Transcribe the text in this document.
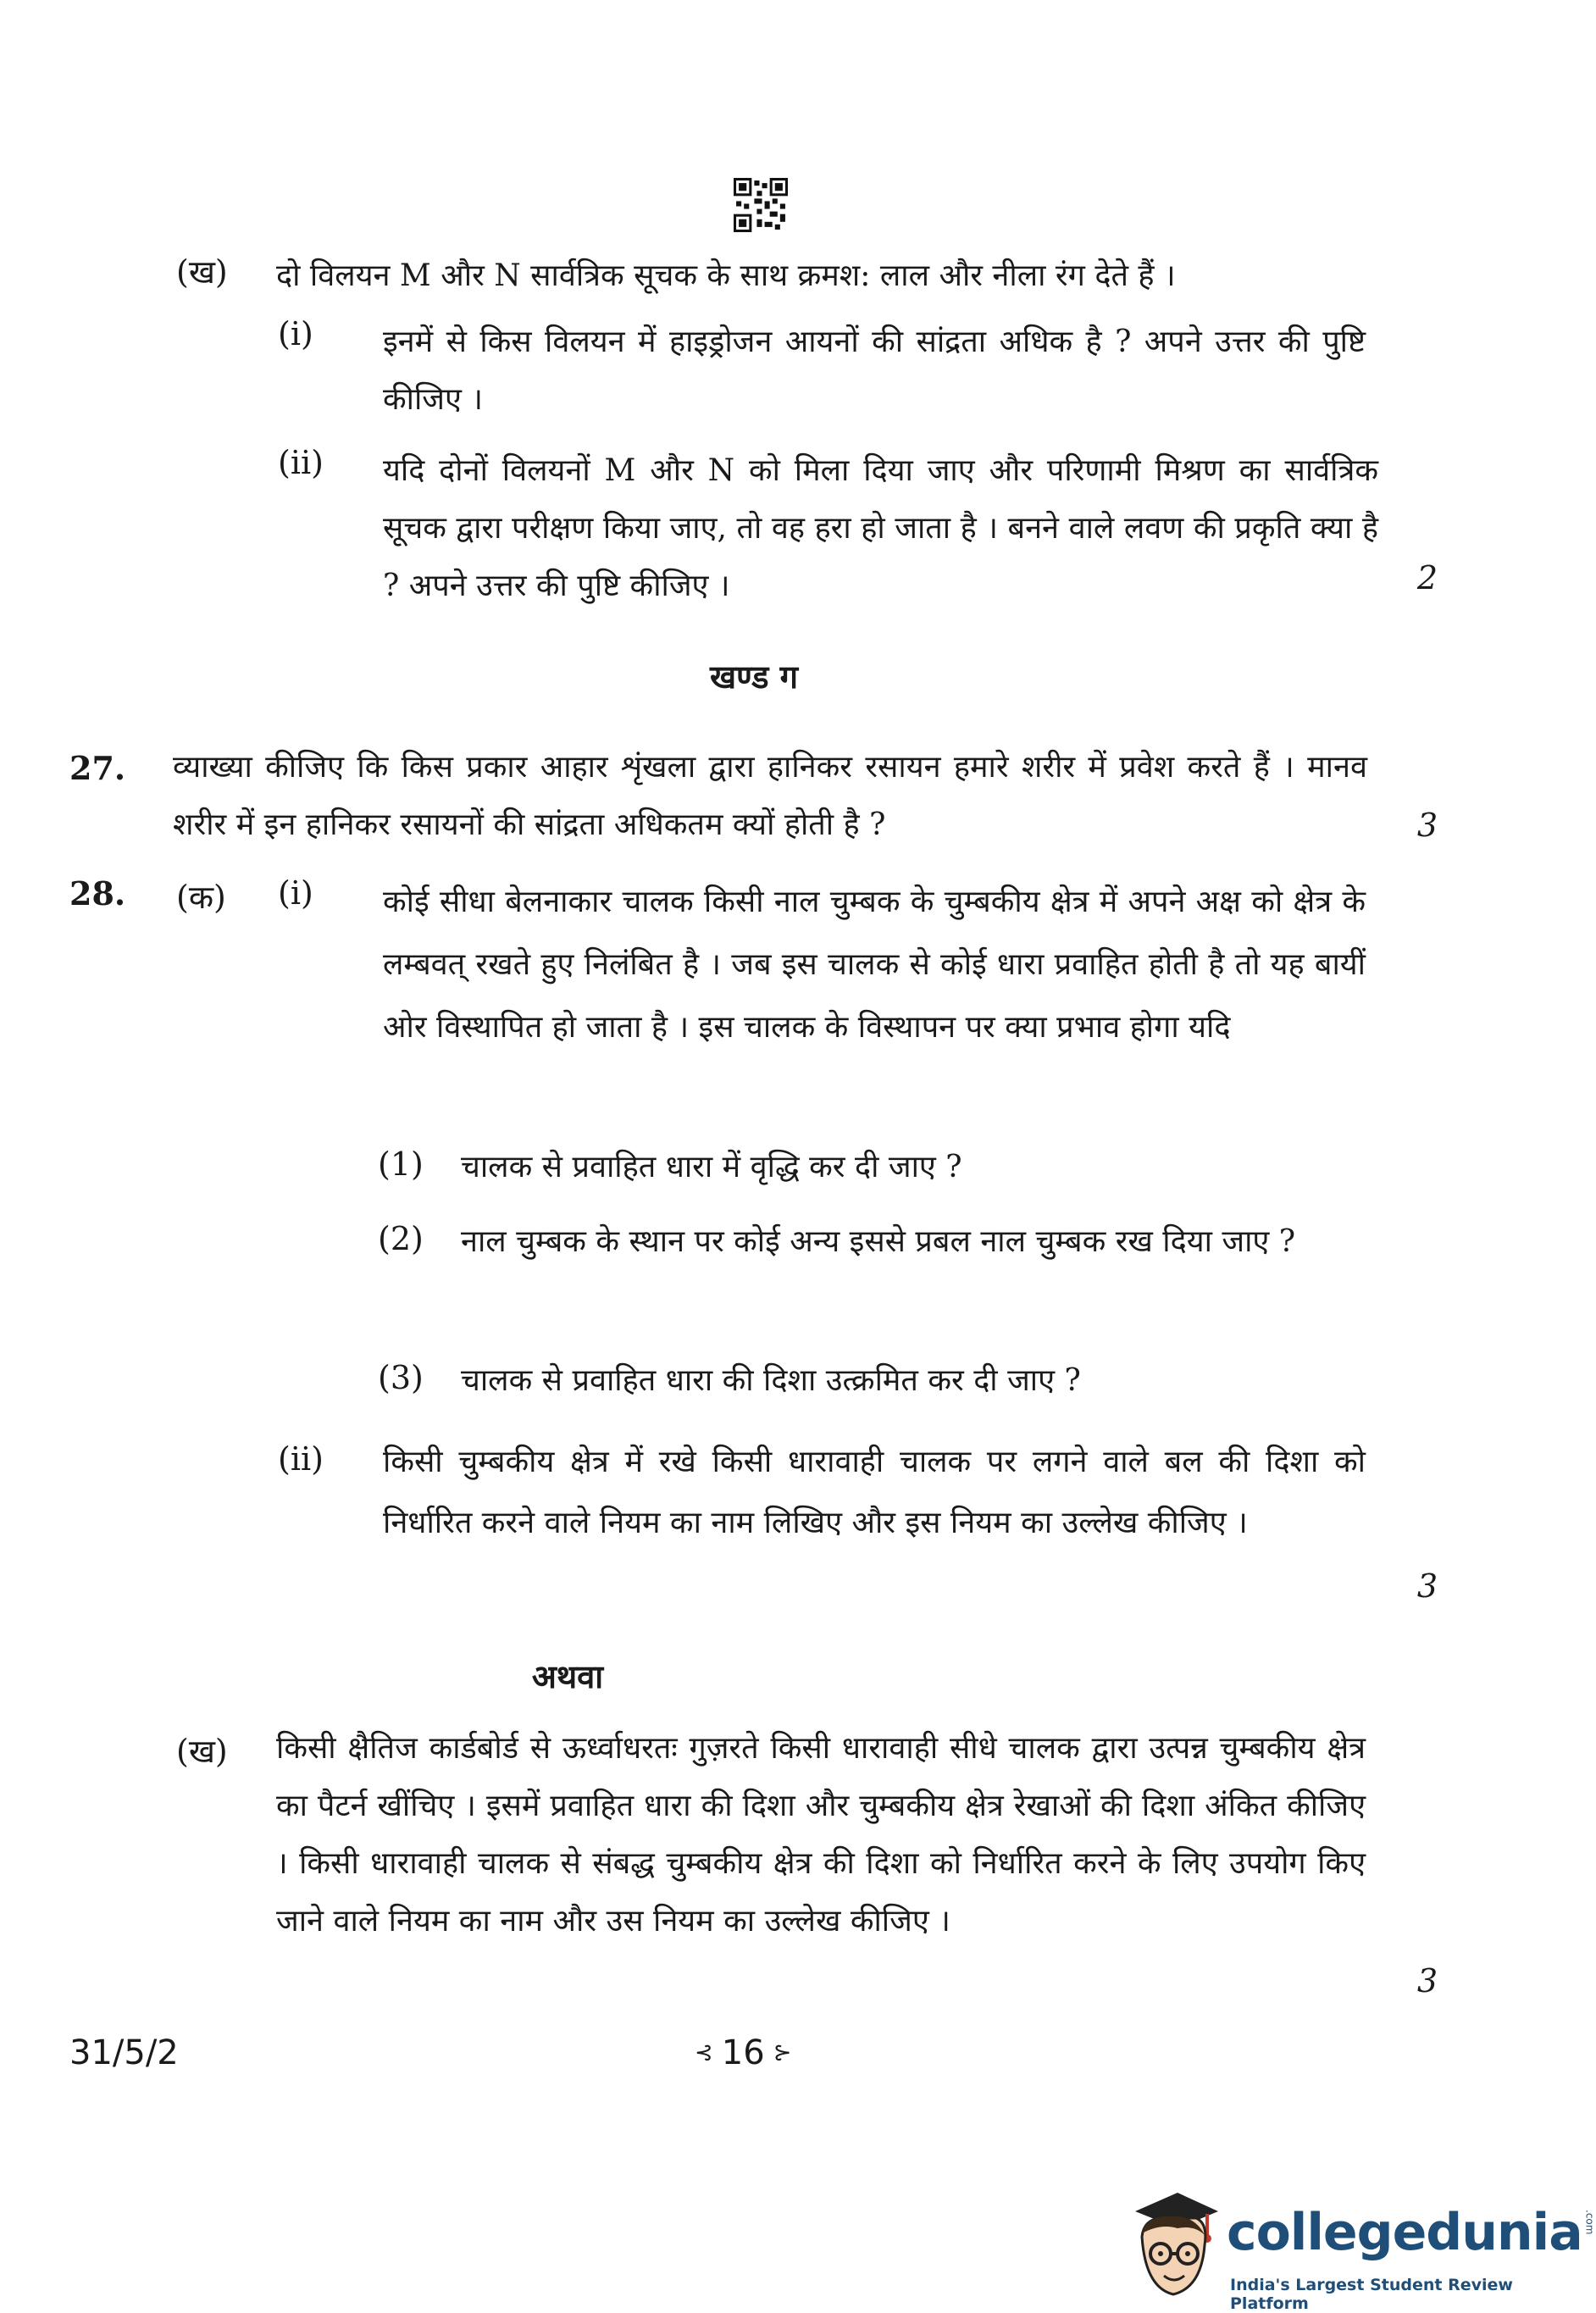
(ख) दो विलयन M और N सार्वत्रिक सूचक के साथ क्रमश: लाल और नीला रंग देते हैं ।
(i) इनमें से किस विलयन में हाइड्रोजन आयनों की सांद्रता अधिक है ? अपने उत्तर की पुष्टि कीजिए ।
(ii) यदि दोनों विलयनों M और N को मिला दिया जाए और परिणामी मिश्रण का सार्वत्रिक सूचक द्वारा परीक्षण किया जाए, तो वह हरा हो जाता है । बनने वाले लवण की प्रकृति क्या है ? अपने उत्तर की पुष्टि कीजिए ।	2
खण्ड ग
27. व्याख्या कीजिए कि किस प्रकार आहार शृंखला द्वारा हानिकर रसायन हमारे शरीर में प्रवेश करते हैं । मानव शरीर में इन हानिकर रसायनों की सांद्रता अधिकतम क्यों होती है ?	3
28. (क) (i) कोई सीधा बेलनाकार चालक किसी नाल चुम्बक के चुम्बकीय क्षेत्र में अपने अक्ष को क्षेत्र के लम्बवत् रखते हुए निलंबित है । जब इस चालक से कोई धारा प्रवाहित होती है तो यह बायीं ओर विस्थापित हो जाता है । इस चालक के विस्थापन पर क्या प्रभाव होगा यदि
(1) चालक से प्रवाहित धारा में वृद्धि कर दी जाए ?
(2) नाल चुम्बक के स्थान पर कोई अन्य इससे प्रबल नाल चुम्बक रख दिया जाए ?
(3) चालक से प्रवाहित धारा की दिशा उत्क्रमित कर दी जाए ?
(ii) किसी चुम्बकीय क्षेत्र में रखे किसी धारावाही चालक पर लगने वाले बल की दिशा को निर्धारित करने वाले नियम का नाम लिखिए और इस नियम का उल्लेख कीजिए ।
3
अथवा
(ख) किसी क्षैतिज कार्डबोर्ड से ऊर्ध्वाधरतः गुज़रते किसी धारावाही सीधे चालक द्वारा उत्पन्न चुम्बकीय क्षेत्र का पैटर्न खींचिए । इसमें प्रवाहित धारा की दिशा और चुम्बकीय क्षेत्र रेखाओं की दिशा अंकित कीजिए । किसी धारावाही चालक से संबद्ध चुम्बकीय क्षेत्र की दिशा को निर्धारित करने के लिए उपयोग किए जाने वाले नियम का नाम और उस नियम का उल्लेख कीजिए ।
3
31/5/2	⊰ 16 ⊱
collegedunia .com
India's Largest Student Review Platform
